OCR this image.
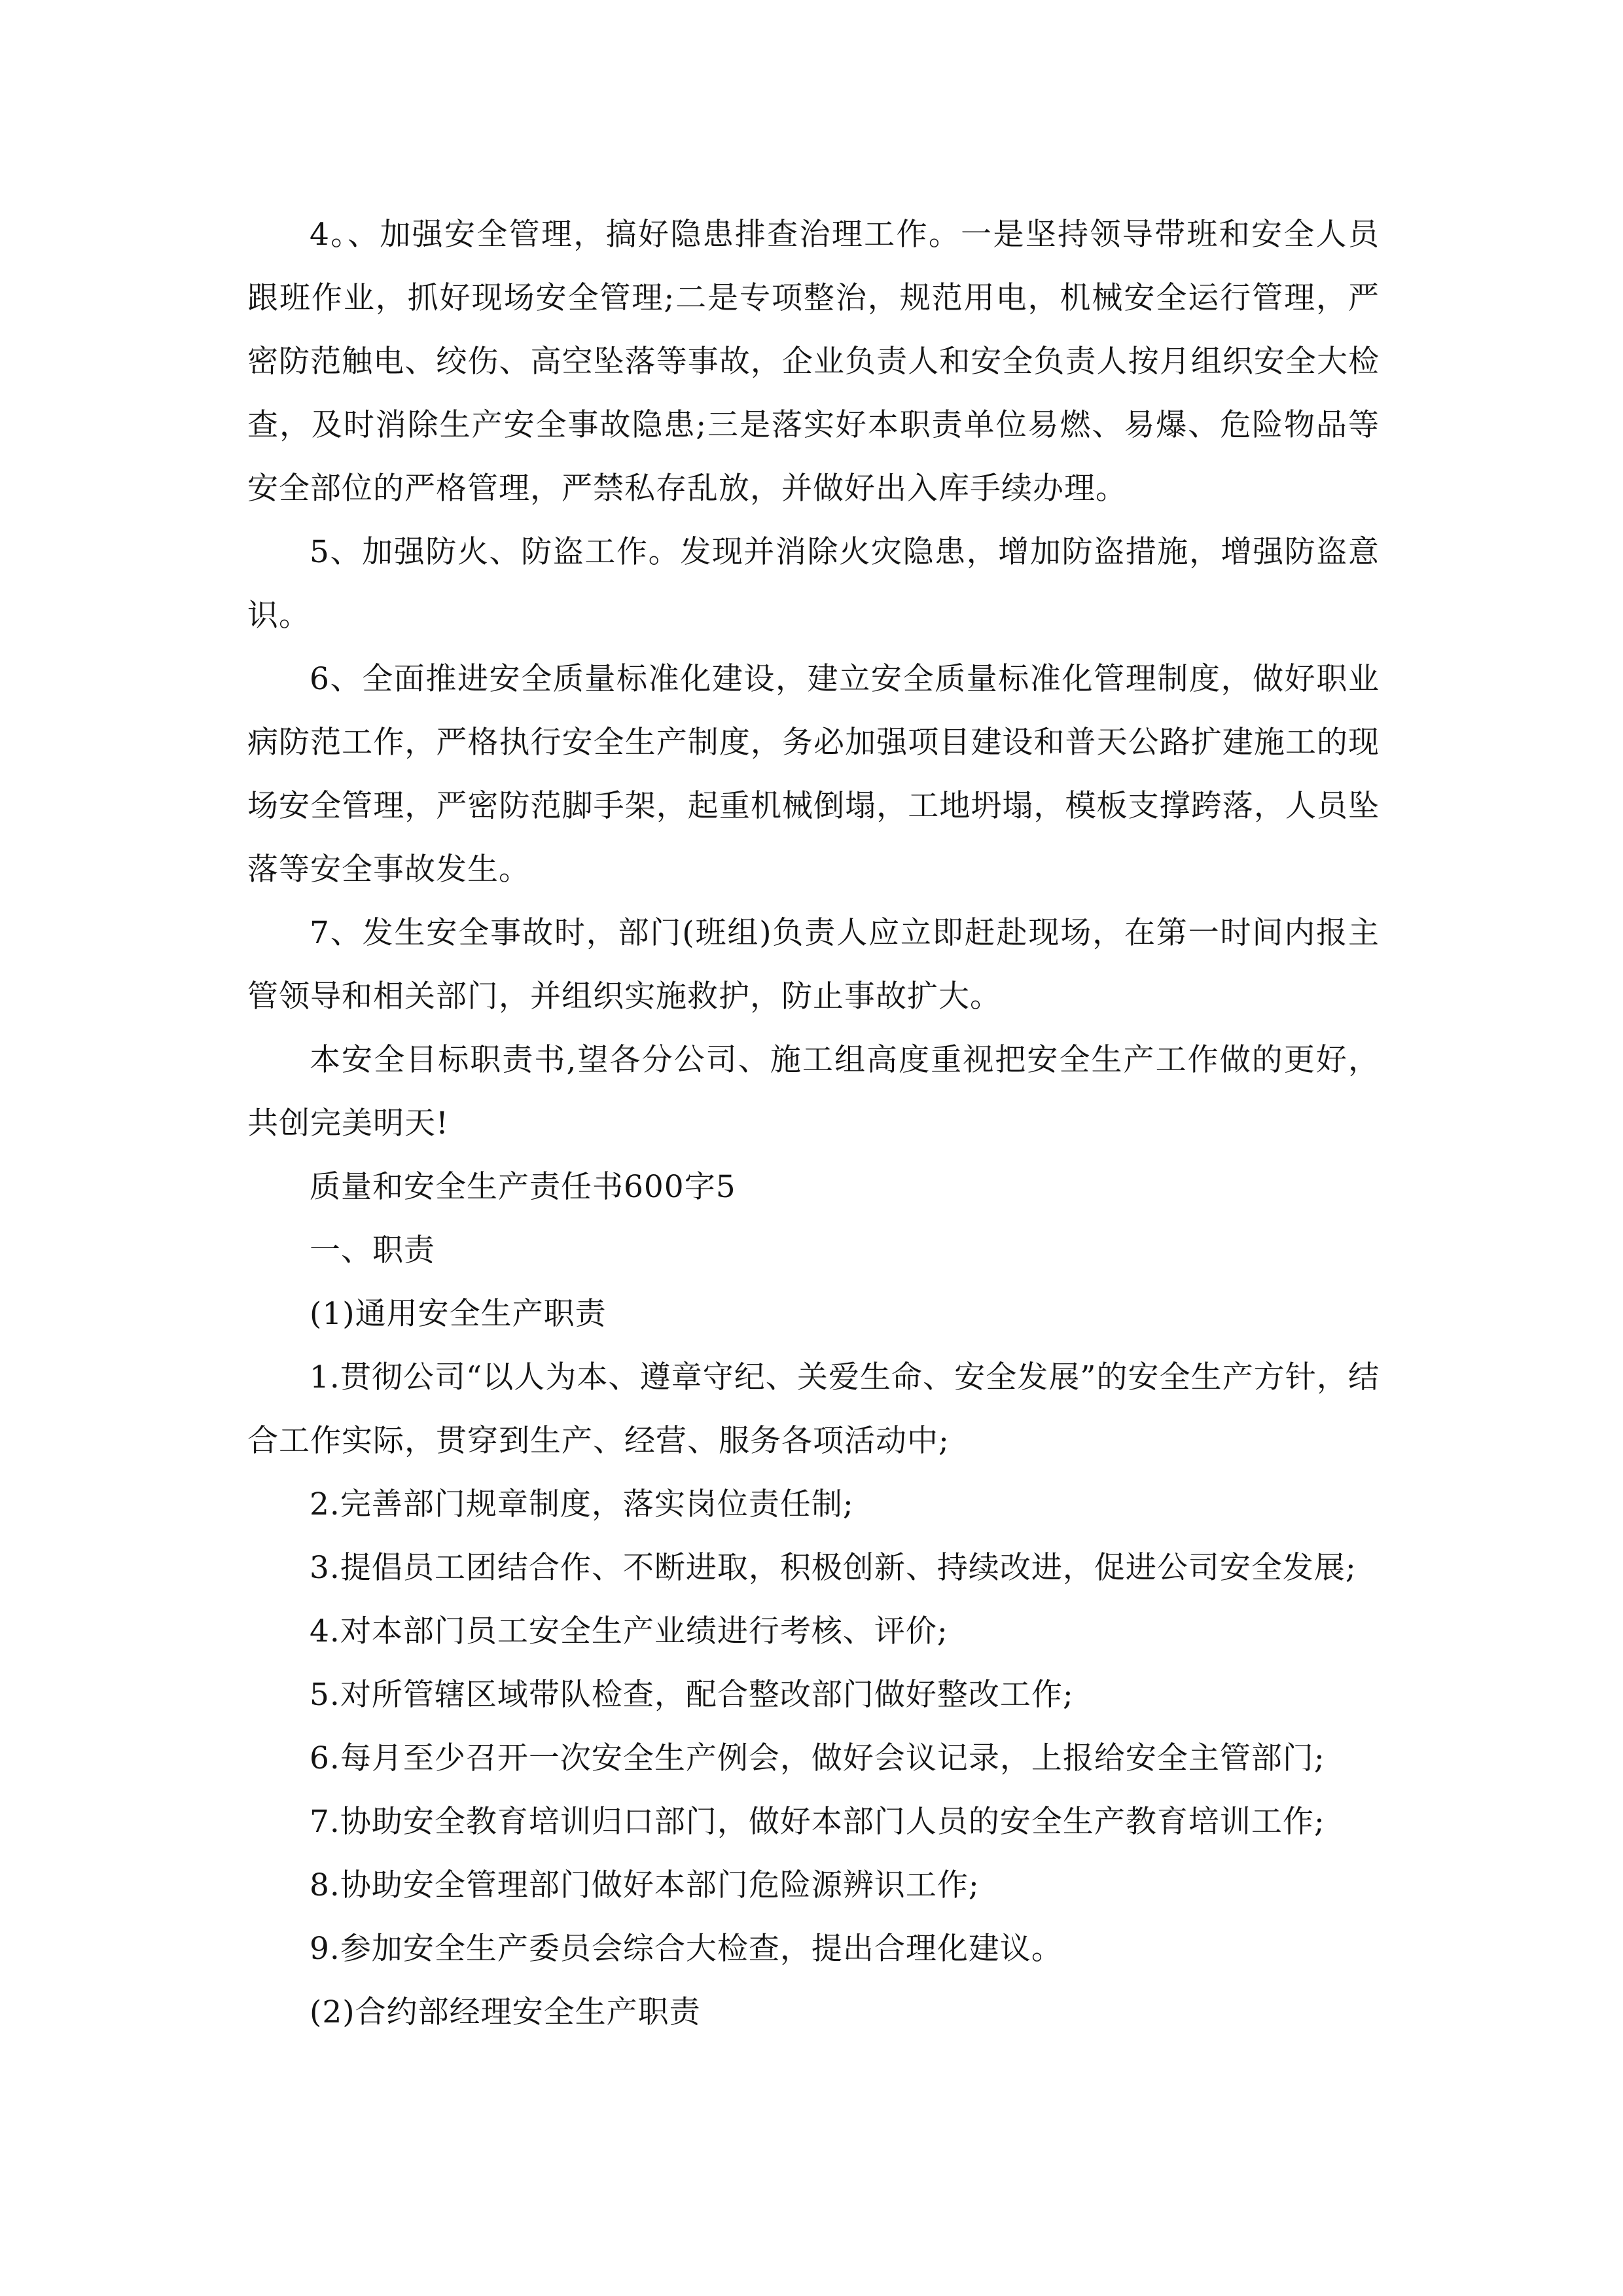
4。、加强安全管理，搞好隐患排查治理工作。一是坚持领导带班和安全人员跟班作业，抓好现场安全管理;二是专项整治，规范用电，机械安全运行管理，严密防范触电、绞伤、高空坠落等事故，企业负责人和安全负责人按月组织安全大检查，及时消除生产安全事故隐患;三是落实好本职责单位易燃、易爆、危险物品等安全部位的严格管理，严禁私存乱放，并做好出入库手续办理。

5、加强防火、防盗工作。发现并消除火灾隐患，增加防盗措施，增强防盗意识。

6、全面推进安全质量标准化建设，建立安全质量标准化管理制度，做好职业病防范工作，严格执行安全生产制度，务必加强项目建设和普天公路扩建施工的现场安全管理，严密防范脚手架，起重机械倒塌，工地坍塌，模板支撑跨落，人员坠落等安全事故发生。

7、发生安全事故时，部门(班组)负责人应立即赶赴现场，在第一时间内报主管领导和相关部门，并组织实施救护，防止事故扩大。

本安全目标职责书,望各分公司、施工组高度重视把安全生产工作做的更好，共创完美明天!

质量和安全生产责任书600字5

一、职责

(1)通用安全生产职责

1.贯彻公司“以人为本、遵章守纪、关爱生命、安全发展”的安全生产方针，结合工作实际，贯穿到生产、经营、服务各项活动中;

2.完善部门规章制度，落实岗位责任制;

3.提倡员工团结合作、不断进取，积极创新、持续改进，促进公司安全发展;

4.对本部门员工安全生产业绩进行考核、评价;

5.对所管辖区域带队检查，配合整改部门做好整改工作;

6.每月至少召开一次安全生产例会，做好会议记录，上报给安全主管部门;

7.协助安全教育培训归口部门，做好本部门人员的安全生产教育培训工作;

8.协助安全管理部门做好本部门危险源辨识工作;

9.参加安全生产委员会综合大检查，提出合理化建议。

(2)合约部经理安全生产职责
